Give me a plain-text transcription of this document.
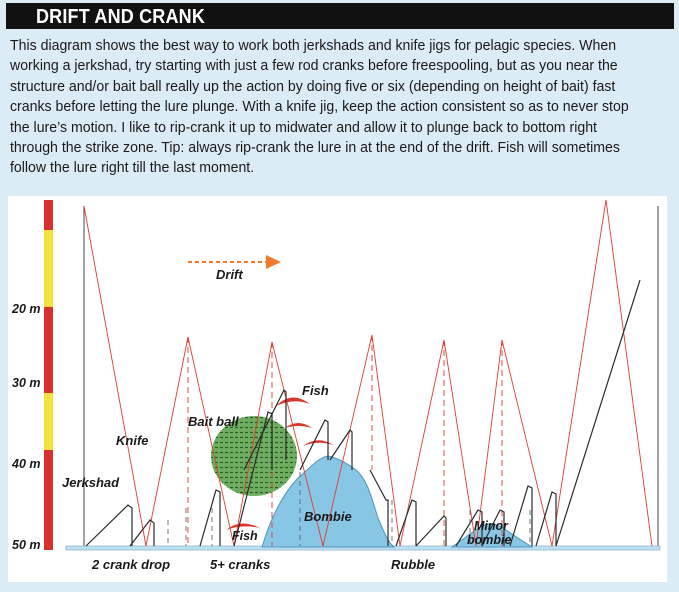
DRIFT AND CRANK
This diagram shows the best way to work both jerkshads and knife jigs for pelagic species. When
working a jerkshad, try starting with just a few rod cranks before freespooling, but as you near the
structure and/or bait ball really up the action by doing five or six (depending on height of bait) fast
cranks before letting the lure plunge. With a knife jig, keep the action consistent so as to never stop
the lure’s motion. I like to rip-crank it up to midwater and allow it to plunge back to bottom right
through the strike zone. Tip: always rip-crank the lure in at the end of the drift. Fish will sometimes
follow the lure right till the last moment.
20 m
30 m
40 m
50 m
Drift
Knife
Jerkshad
Bait ball
Fish
Fish
Bombie
Minor
bombie
2 crank drop	5+ cranks	Rubble
